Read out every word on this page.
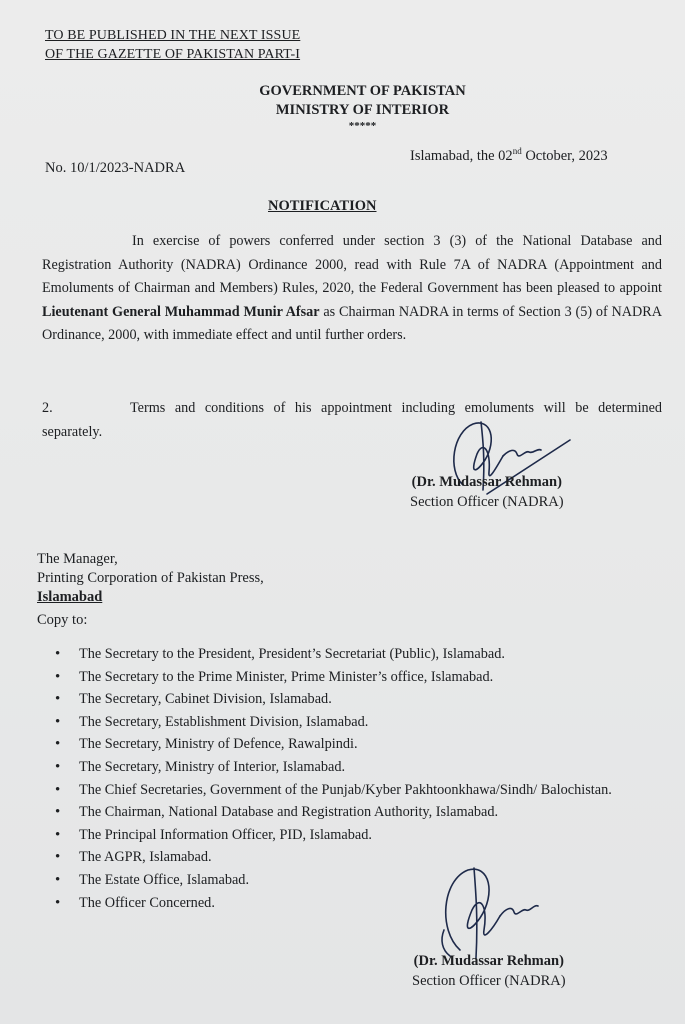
TO BE PUBLISHED IN THE NEXT ISSUE
OF THE GAZETTE OF PAKISTAN PART-I
GOVERNMENT OF PAKISTAN
MINISTRY OF INTERIOR
*****
No. 10/1/2023-NADRA
Islamabad, the 02nd October, 2023
NOTIFICATION
In exercise of powers conferred under section 3 (3) of the National Database and Registration Authority (NADRA) Ordinance 2000, read with Rule 7A of NADRA (Appointment and Emoluments of Chairman and Members) Rules, 2020, the Federal Government has been pleased to appoint Lieutenant General Muhammad Munir Afsar as Chairman NADRA in terms of Section 3 (5) of NADRA Ordinance, 2000, with immediate effect and until further orders.
2.	Terms and conditions of his appointment including emoluments will be determined separately.
(Dr. Mudassar Rehman)
Section Officer (NADRA)
The Manager,
Printing Corporation of Pakistan Press,
Islamabad
Copy to:
• The Secretary to the President, President’s Secretariat (Public), Islamabad.
• The Secretary to the Prime Minister, Prime Minister’s office, Islamabad.
• The Secretary, Cabinet Division, Islamabad.
• The Secretary, Establishment Division, Islamabad.
• The Secretary, Ministry of Defence, Rawalpindi.
• The Secretary, Ministry of Interior, Islamabad.
• The Chief Secretaries, Government of the Punjab/Kyber Pakhtoonkhawa/Sindh/ Balochistan.
• The Chairman, National Database and Registration Authority, Islamabad.
• The Principal Information Officer, PID, Islamabad.
• The AGPR, Islamabad.
• The Estate Office, Islamabad.
• The Officer Concerned.
(Dr. Mudassar Rehman)
Section Officer (NADRA)
